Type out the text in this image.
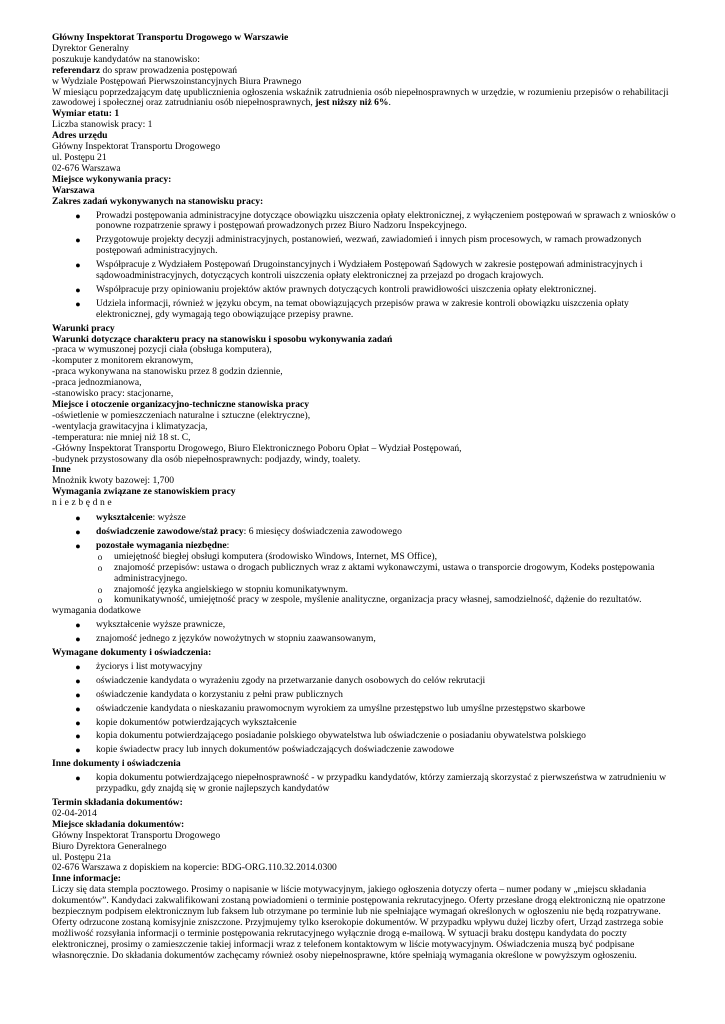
Główny Inspektorat Transportu Drogowego w Warszawie
Dyrektor Generalny
poszukuje kandydatów na stanowisko:
referendarz do spraw prowadzenia postępowań
w Wydziale Postępowań Pierwszoinstancyjnych Biura Prawnego
W miesiącu poprzedzającym datę upublicznienia ogłoszenia wskaźnik zatrudnienia osób niepełnosprawnych w urzędzie, w rozumieniu przepisów o rehabilitacji zawodowej i społecznej oraz zatrudnianiu osób niepełnosprawnych, jest niższy niż 6%.
Wymiar etatu: 1
Liczba stanowisk pracy: 1
Adres urzędu
Główny Inspektorat Transportu Drogowego
ul. Postępu 21
02-676 Warszawa
Miejsce wykonywania pracy:
Warszawa
Zakres zadań wykonywanych na stanowisku pracy:
● Prowadzi postępowania administracyjne dotyczące obowiązku uiszczenia opłaty elektronicznej, z wyłączeniem postępowań w sprawach z wniosków o ponowne rozpatrzenie sprawy i postępowań prowadzonych przez Biuro Nadzoru Inspekcyjnego.
● Przygotowuje projekty decyzji administracyjnych, postanowień, wezwań, zawiadomień i innych pism procesowych, w ramach prowadzonych postępowań administracyjnych.
● Współpracuje z Wydziałem Postępowań Drugoinstancyjnych i Wydziałem Postępowań Sądowych w zakresie postępowań administracyjnych i sądowoadministracyjnych, dotyczących kontroli uiszczenia opłaty elektronicznej za przejazd po drogach krajowych.
● Współpracuje przy opiniowaniu projektów aktów prawnych dotyczących kontroli prawidłowości uiszczenia opłaty elektronicznej.
● Udziela informacji, również w języku obcym, na temat obowiązujących przepisów prawa w zakresie kontroli obowiązku uiszczenia opłaty elektronicznej, gdy wymagają tego obowiązujące przepisy prawne.
Warunki pracy
Warunki dotyczące charakteru pracy na stanowisku i sposobu wykonywania zadań
-praca w wymuszonej pozycji ciała (obsługa komputera),
-komputer z monitorem ekranowym,
-praca wykonywana na stanowisku przez 8 godzin dziennie,
-praca jednozmianowa,
-stanowisko pracy: stacjonarne,
Miejsce i otoczenie organizacyjno-techniczne stanowiska pracy
-oświetlenie w pomieszczeniach naturalne i sztuczne (elektryczne),
-wentylacja grawitacyjna i klimatyzacja,
-temperatura: nie mniej niż 18 st. C,
-Główny Inspektorat Transportu Drogowego, Biuro Elektronicznego Poboru Opłat – Wydział Postępowań,
-budynek przystosowany dla osób niepełnosprawnych: podjazdy, windy, toalety.
Inne
Mnożnik kwoty bazowej: 1,700
Wymagania związane ze stanowiskiem pracy
niezbędne
● wykształcenie: wyższe
● doświadczenie zawodowe/staż pracy: 6 miesięcy doświadczenia zawodowego
● pozostałe wymagania niezbędne:
o umiejętność biegłej obsługi komputera (środowisko Windows, Internet, MS Office),
o znajomość przepisów: ustawa o drogach publicznych wraz z aktami wykonawczymi, ustawa o transporcie drogowym, Kodeks postępowania administracyjnego.
o znajomość języka angielskiego w stopniu komunikatywnym.
o komunikatywność, umiejętność pracy w zespole, myślenie analityczne, organizacja pracy własnej, samodzielność, dążenie do rezultatów.
wymagania dodatkowe
● wykształcenie wyższe prawnicze,
● znajomość jednego z języków nowożytnych w stopniu zaawansowanym,
Wymagane dokumenty i oświadczenia:
● życiorys i list motywacyjny
● oświadczenie kandydata o wyrażeniu zgody na przetwarzanie danych osobowych do celów rekrutacji
● oświadczenie kandydata o korzystaniu z pełni praw publicznych
● oświadczenie kandydata o nieskazaniu prawomocnym wyrokiem za umyślne przestępstwo lub umyślne przestępstwo skarbowe
● kopie dokumentów potwierdzających wykształcenie
● kopia dokumentu potwierdzającego posiadanie polskiego obywatelstwa lub oświadczenie o posiadaniu obywatelstwa polskiego
● kopie świadectw pracy lub innych dokumentów poświadczających doświadczenie zawodowe
Inne dokumenty i oświadczenia
● kopia dokumentu potwierdzającego niepełnosprawność - w przypadku kandydatów, którzy zamierzają skorzystać z pierwszeństwa w zatrudnieniu w przypadku, gdy znajdą się w gronie najlepszych kandydatów
Termin składania dokumentów:
02-04-2014
Miejsce składania dokumentów:
Główny Inspektorat Transportu Drogowego
Biuro Dyrektora Generalnego
ul. Postępu 21a
02-676 Warszawa z dopiskiem na kopercie: BDG-ORG.110.32.2014.0300
Inne informacje:
Liczy się data stempla pocztowego. Prosimy o napisanie w liście motywacyjnym, jakiego ogłoszenia dotyczy oferta – numer podany w „miejscu składania dokumentów”. Kandydaci zakwalifikowani zostaną powiadomieni o terminie postępowania rekrutacyjnego. Oferty przesłane drogą elektroniczną nie opatrzone bezpiecznym podpisem elektronicznym lub faksem lub otrzymane po terminie lub nie spełniające wymagań określonych w ogłoszeniu nie będą rozpatrywane. Oferty odrzucone zostaną komisyjnie zniszczone. Przyjmujemy tylko kserokopie dokumentów. W przypadku wpływu dużej liczby ofert, Urząd zastrzega sobie możliwość rozsyłania informacji o terminie postępowania rekrutacyjnego wyłącznie drogą e-mailową. W sytuacji braku dostępu kandydata do poczty elektronicznej, prosimy o zamieszczenie takiej informacji wraz z telefonem kontaktowym w liście motywacyjnym. Oświadczenia muszą być podpisane własnoręcznie. Do składania dokumentów zachęcamy również osoby niepełnosprawne, które spełniają wymagania określone w powyższym ogłoszeniu.
